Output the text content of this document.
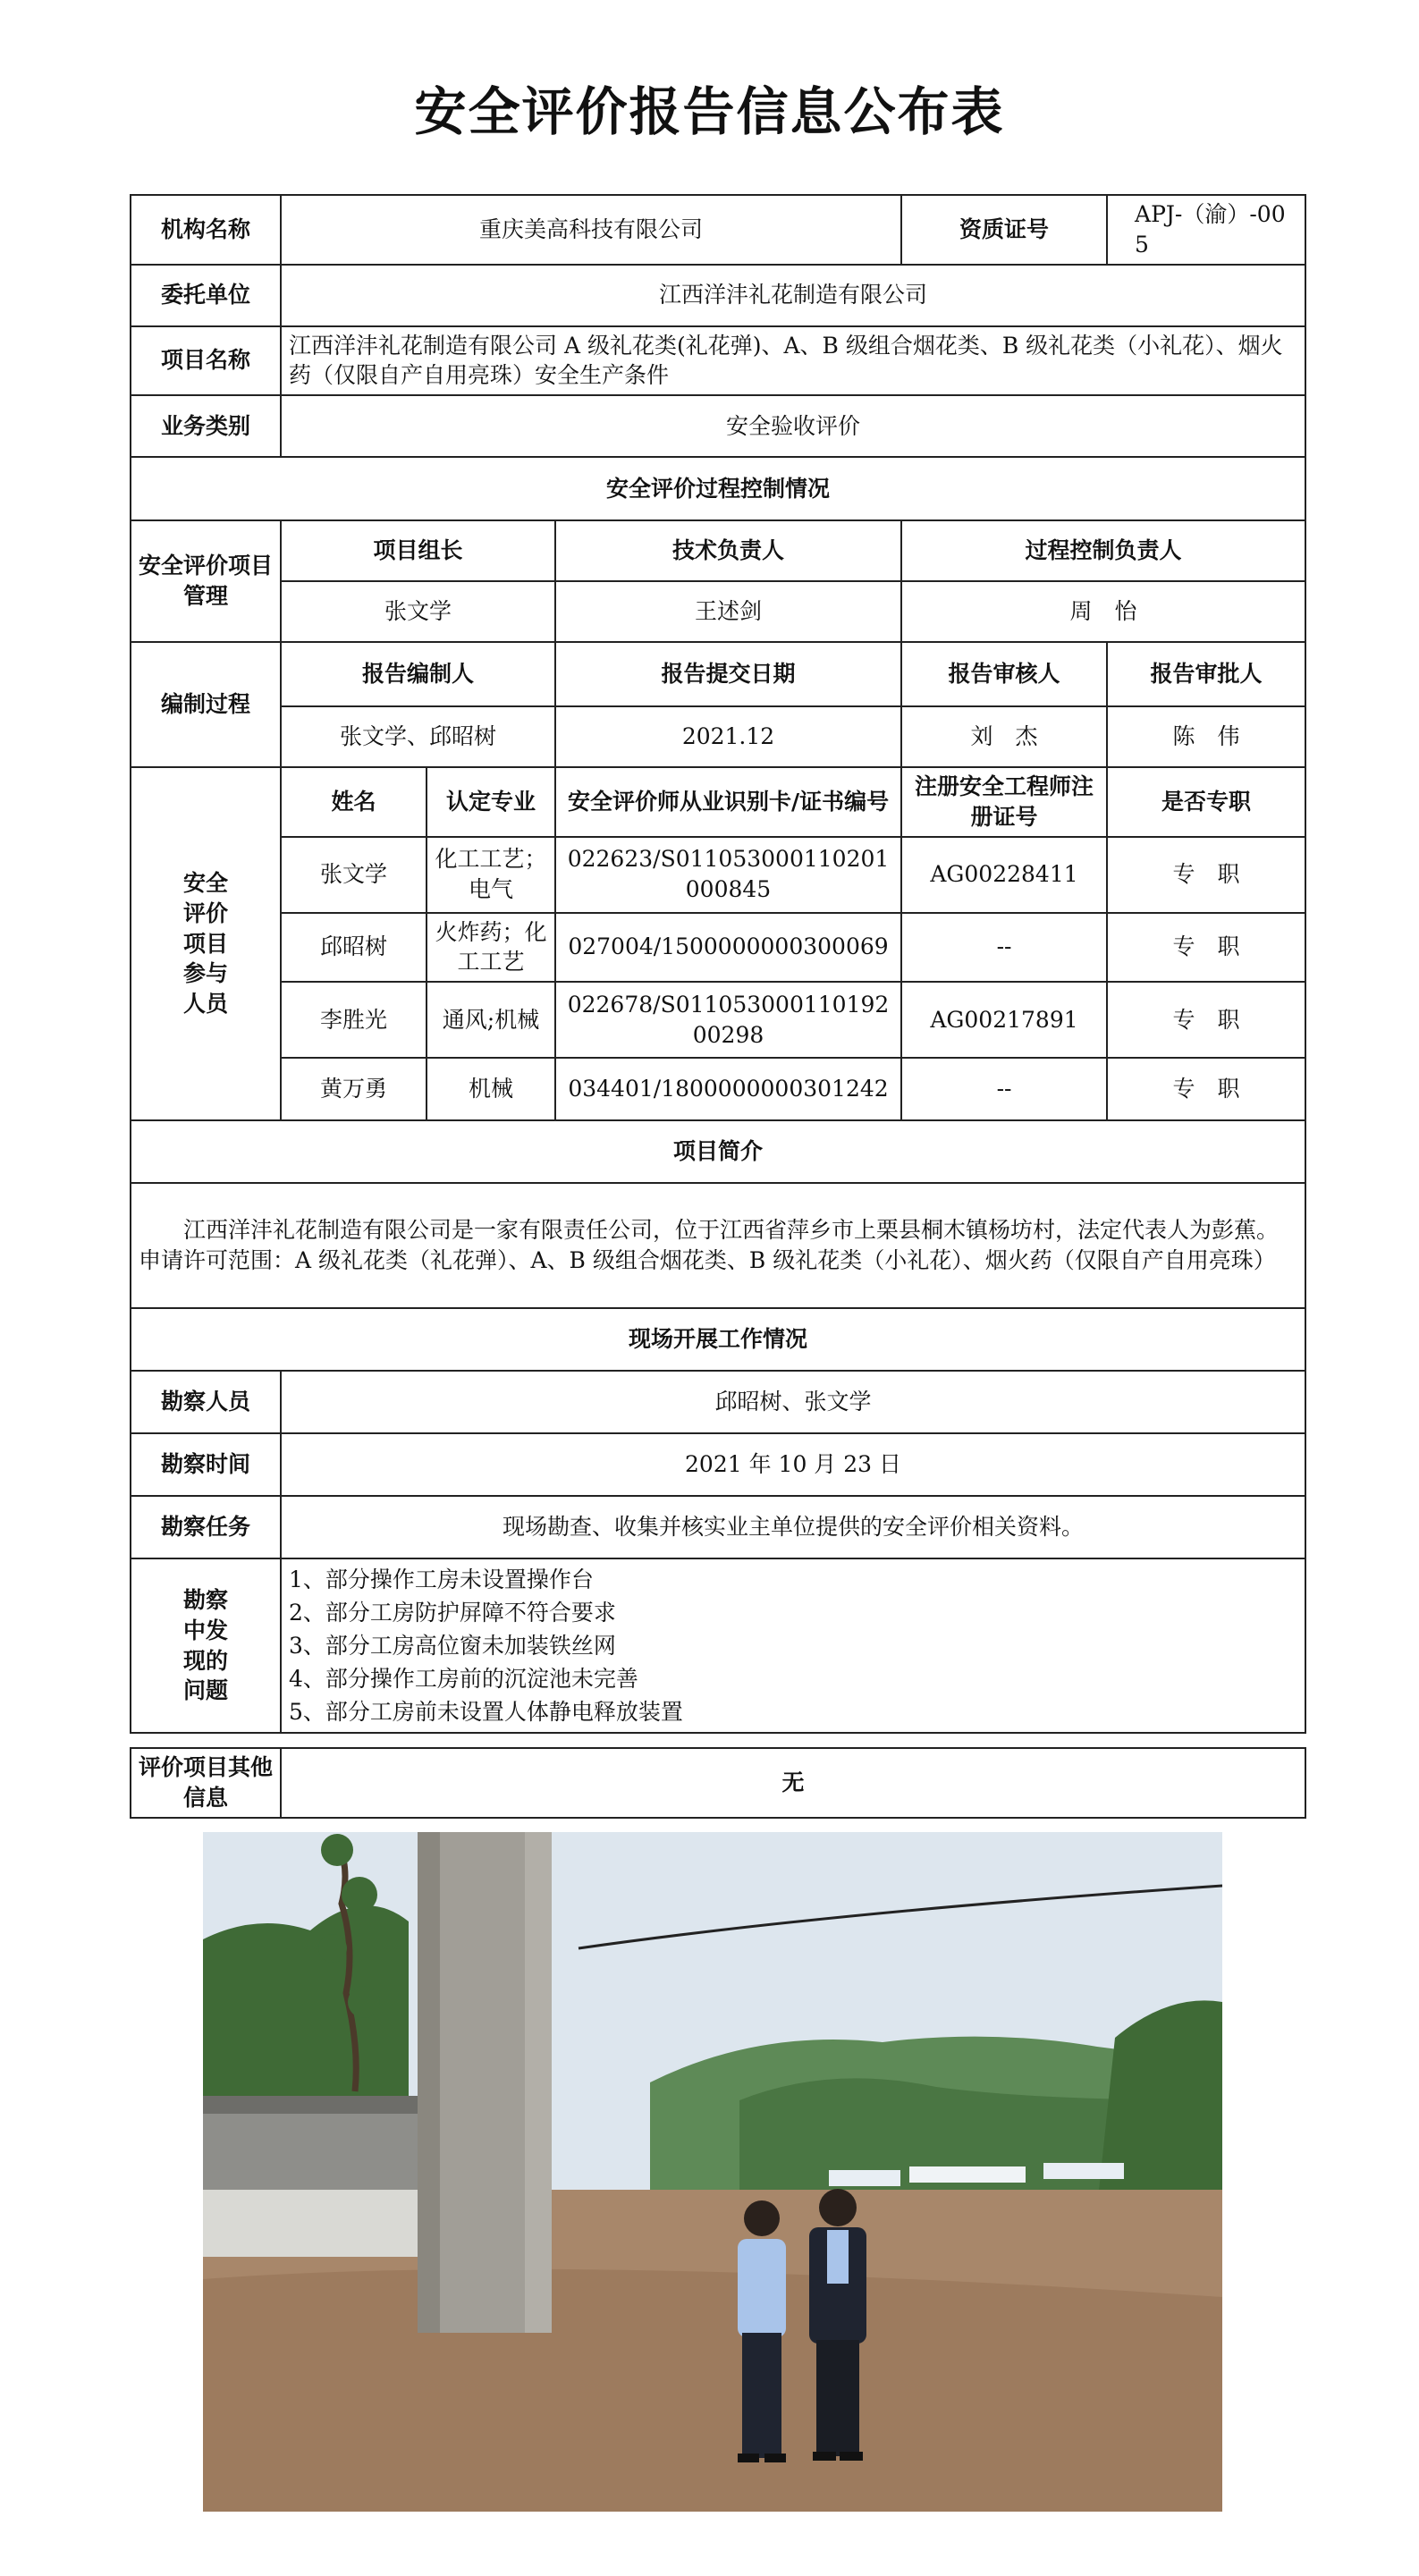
安全评价报告信息公布表
机构名称	重庆美高科技有限公司			资质证号	APJ-（渝）-005
委托单位	江西洋沣礼花制造有限公司				
项目名称	江西洋沣礼花制造有限公司 A 级礼花类(礼花弹)、A、B 级组合烟花类、B 级礼花类（小礼花）、烟火药（仅限自产自用亮珠）安全生产条件				
业务类别	安全验收评价				
安全评价过程控制情况					
安全评价项目管理	项目组长		技术负责人	过程控制负责人	
	张文学		王述剑	周　怡	
编制过程	报告编制人		报告提交日期	报告审核人	报告审批人
	张文学、邱昭树		2021.12	刘　杰	陈　伟
安全评价项目参与人员	姓名	认定专业	安全评价师从业识别卡/证书编号	注册安全工程师注册证号	是否专职
	张文学	化工工艺；电气	022623/S011053000110201000845	AG00228411	专　职
	邱昭树	火炸药；化工工艺	027004/1500000000300069	--	专　职
	李胜光	通风;机械	022678/S0110530001101920029​8	AG00217891	专　职
	黄万勇	机械	034401/1800000000301242	--	专　职
项目简介					
江西洋沣礼花制造有限公司是一家有限责任公司，位于江西省萍乡市上栗县桐木镇杨坊村，法定代表人为彭蕉。申请许可范围：A 级礼花类（礼花弹）、A、B 级组合烟花类、B 级礼花类（小礼花）、烟火药（仅限自产自用亮珠）					
现场开展工作情况					
勘察人员	邱昭树、张文学				
勘察时间	2021 年 10 月 23 日				
勘察任务	现场勘查、收集并核实业主单位提供的安全评价相关资料。				
勘察中发现的问题	1、部分操作工房未设置操作台
2、部分工房防护屏障不符合要求
3、部分工房高位窗未加装铁丝网
4、部分操作工房前的沉淀池未完善
5、部分工房前未设置人体静电释放装置				
评价项目其他信息	无
